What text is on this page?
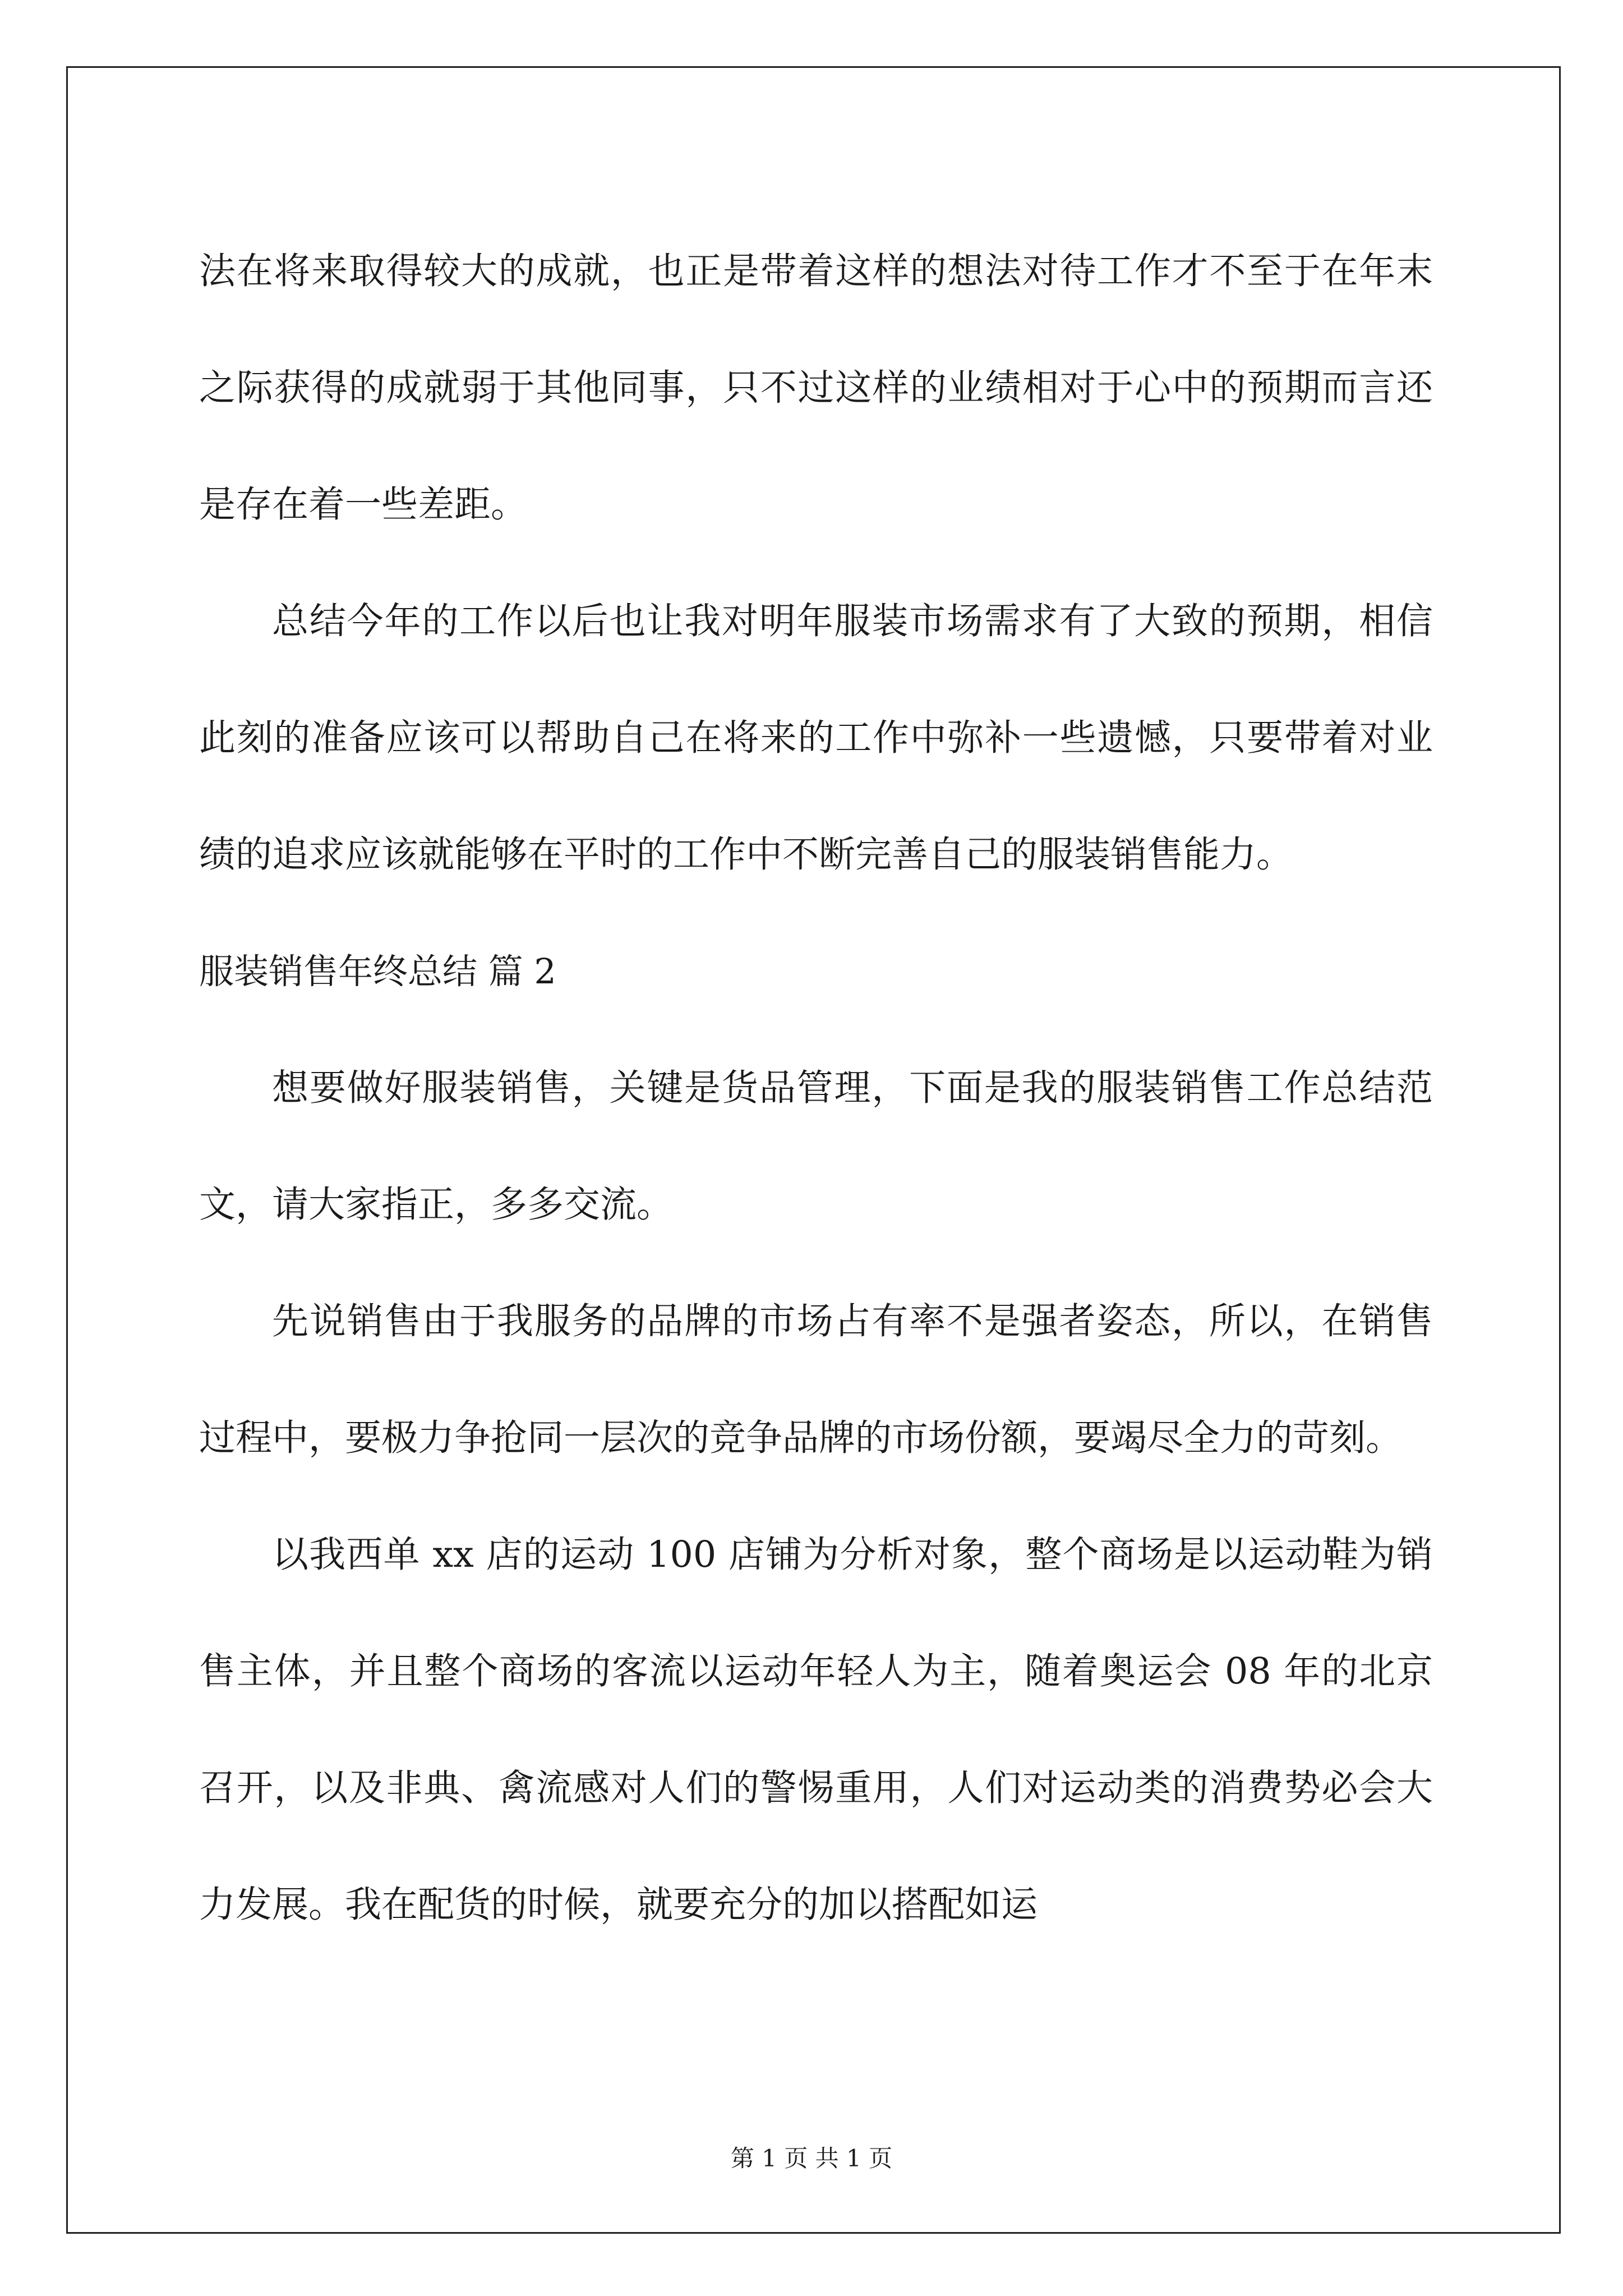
法在将来取得较大的成就，也正是带着这样的想法对待工作才不至于在年末之际获得的成就弱于其他同事，只不过这样的业绩相对于心中的预期而言还是存在着一些差距。

总结今年的工作以后也让我对明年服装市场需求有了大致的预期，相信此刻的准备应该可以帮助自己在将来的工作中弥补一些遗憾，只要带着对业绩的追求应该就能够在平时的工作中不断完善自己的服装销售能力。

服装销售年终总结 篇 2

想要做好服装销售，关键是货品管理，下面是我的服装销售工作总结范文，请大家指正，多多交流。

先说销售由于我服务的品牌的市场占有率不是强者姿态，所以，在销售过程中，要极力争抢同一层次的竞争品牌的市场份额，要竭尽全力的苛刻。

以我西单 xx 店的运动 100 店铺为分析对象，整个商场是以运动鞋为销售主体，并且整个商场的客流以运动年轻人为主，随着奥运会 08 年的北京召开，以及非典、禽流感对人们的警惕重用，人们对运动类的消费势必会大力发展。我在配货的时候，就要充分的加以搭配如运

第 1 页 共 1 页
